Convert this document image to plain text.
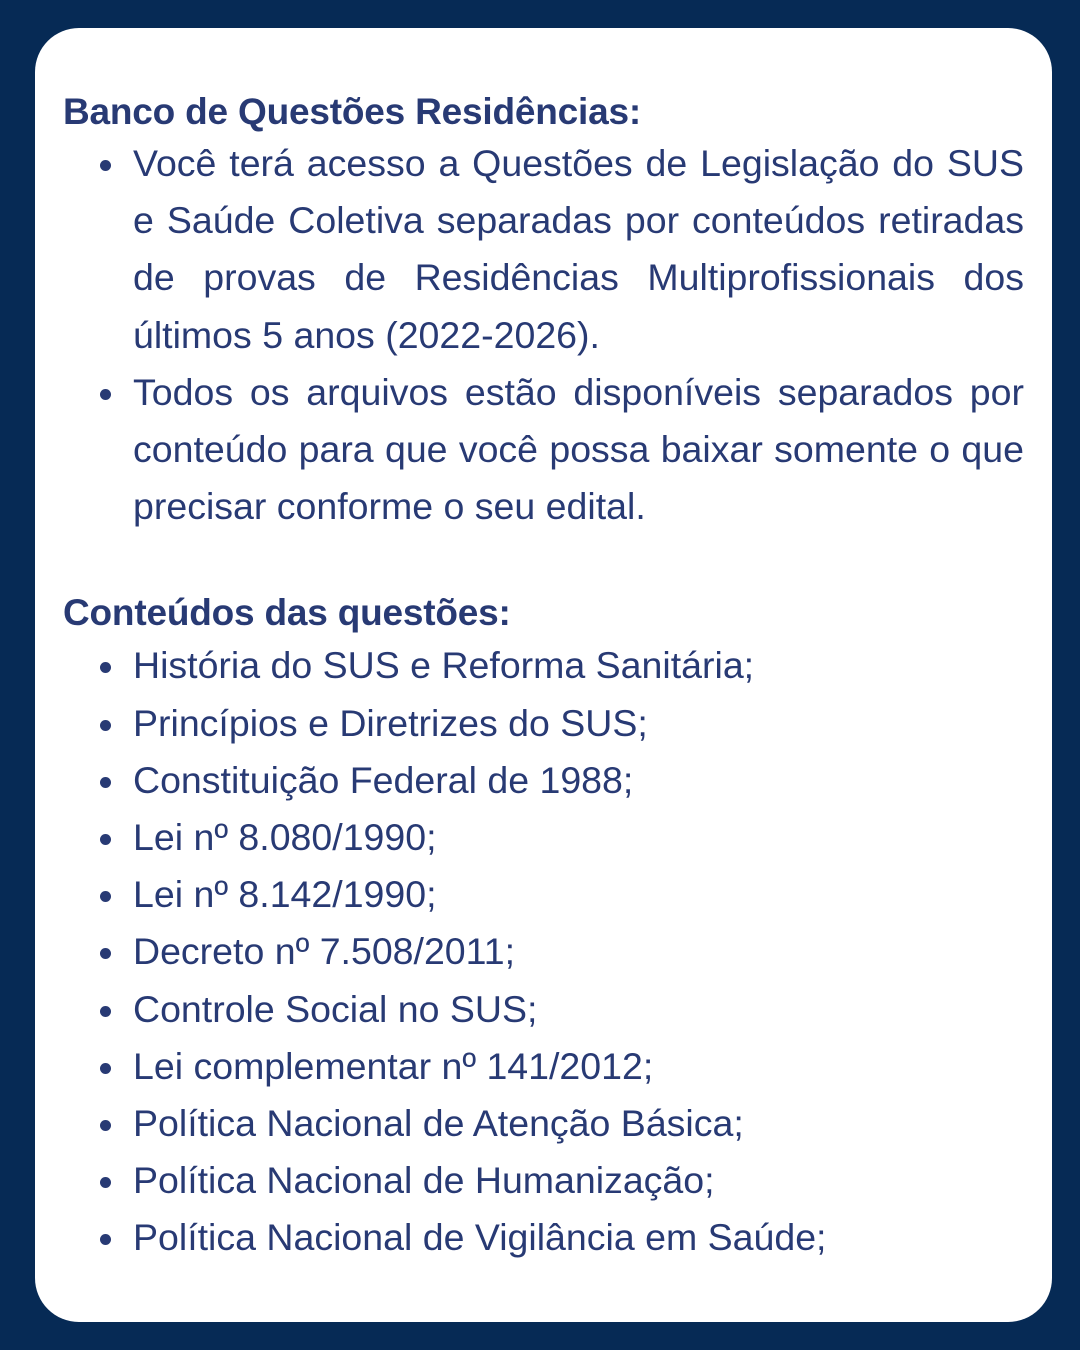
Banco de Questões Residências:
Você terá acesso a Questões de Legislação do SUS e Saúde Coletiva separadas por conteúdos retiradas de provas de Residências Multiprofissionais dos últimos 5 anos (2022-2026).
Todos os arquivos estão disponíveis separados por conteúdo para que você possa baixar somente o que precisar conforme o seu edital.
Conteúdos das questões:
História do SUS e Reforma Sanitária;
Princípios e Diretrizes do SUS;
Constituição Federal de 1988;
Lei nº 8.080/1990;
Lei nº 8.142/1990;
Decreto nº 7.508/2011;
Controle Social no SUS;
Lei complementar nº 141/2012;
Política Nacional de Atenção Básica;
Política Nacional de Humanização;
Política Nacional de Vigilância em Saúde;
